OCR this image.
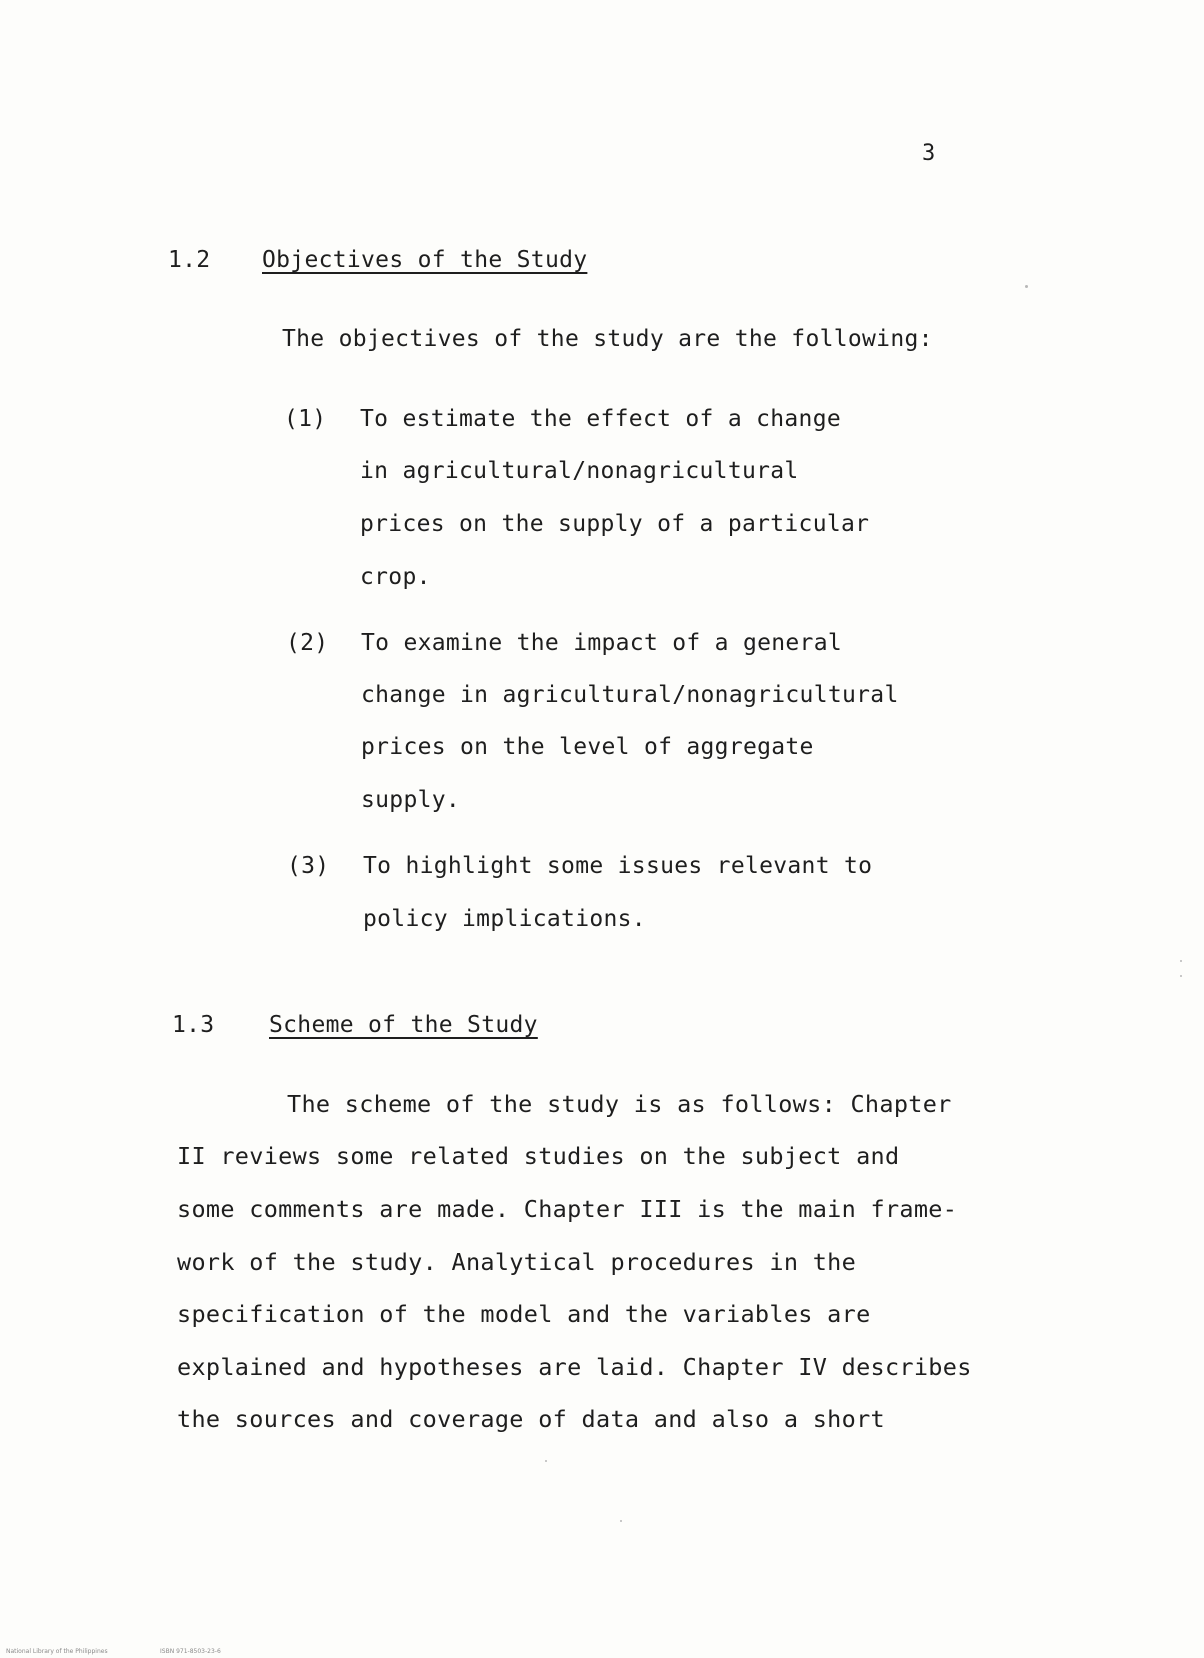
3
1.2 Objectives of the Study
The objectives of the study are the following:
(1) To estimate the effect of a change
in agricultural/nonagricultural
prices on the supply of a particular
crop.
(2) To examine the impact of a general
change in agricultural/nonagricultural
prices on the level of aggregate
supply.
(3) To highlight some issues relevant to
policy implications.
1.3 Scheme of the Study
The scheme of the study is as follows: Chapter
II reviews some related studies on the subject and
some comments are made. Chapter III is the main frame-
work of the study. Analytical procedures in the
specification of the model and the variables are
explained and hypotheses are laid. Chapter IV describes
the sources and coverage of data and also a short
National Library of the Philippines	ISBN 971-8503-23-6
